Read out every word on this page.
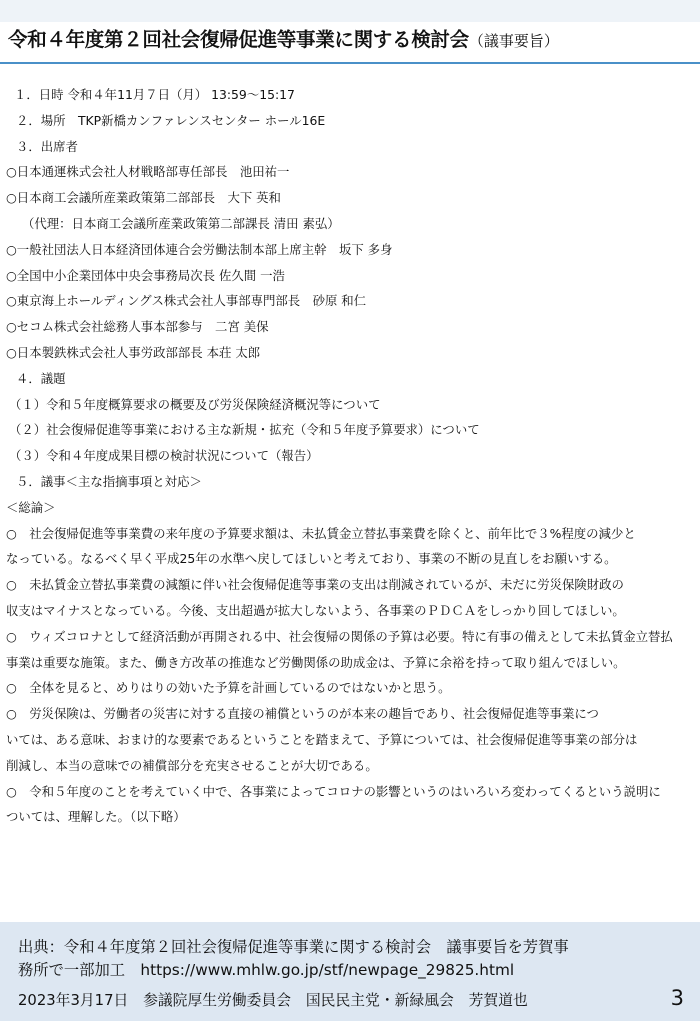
令和４年度第２回社会復帰促進等事業に関する検討会（議事要旨）
１．日時 令和４年11月７日（月） 13:59～15:17
２．場所　TKP新橋カンファレンスセンター ホール16E
３．出席者
○日本通運株式会社人材戦略部専任部長　池田祐一
○日本商工会議所産業政策第二部部長　大下 英和
（代理：日本商工会議所産業政策第二部課長 清田 素弘）
○一般社団法人日本経済団体連合会労働法制本部上席主幹　坂下 多身
○全国中小企業団体中央会事務局次長 佐久間 一浩
○東京海上ホールディングス株式会社人事部専門部長　砂原 和仁
○セコム株式会社総務人事本部参与　二宮 美保
○日本製鉄株式会社人事労政部部長 本荘 太郎
４．議題
（１）令和５年度概算要求の概要及び労災保険経済概況等について
（２）社会復帰促進等事業における主な新規・拡充（令和５年度予算要求）について
（３）令和４年度成果目標の検討状況について（報告）
５．議事＜主な指摘事項と対応＞
＜総論＞
○　社会復帰促進等事業費の来年度の予算要求額は、未払賃金立替払事業費を除くと、前年比で３%程度の減少と
なっている。なるべく早く平成25年の水準へ戻してほしいと考えており、事業の不断の見直しをお願いする。
○　未払賃金立替払事業費の減額に伴い社会復帰促進等事業の支出は削減されているが、未だに労災保険財政の
収支はマイナスとなっている。今後、支出超過が拡大しないよう、各事業のＰＤＣＡをしっかり回してほしい。
○　ウィズコロナとして経済活動が再開される中、社会復帰の関係の予算は必要。特に有事の備えとして未払賃金立替払
事業は重要な施策。また、働き方改革の推進など労働関係の助成金は、予算に余裕を持って取り組んでほしい。
○　全体を見ると、めりはりの効いた予算を計画しているのではないかと思う。
○　労災保険は、労働者の災害に対する直接の補償というのが本来の趣旨であり、社会復帰促進等事業につ
いては、ある意味、おまけ的な要素であるということを踏まえて、予算については、社会復帰促進等事業の部分は
削減し、本当の意味での補償部分を充実させることが大切である。
○　令和５年度のことを考えていく中で、各事業によってコロナの影響というのはいろいろ変わってくるという説明に
ついては、理解した。（以下略）
出典：令和４年度第２回社会復帰促進等事業に関する検討会　議事要旨を芳賀事
務所で一部加工　https://www.mhlw.go.jp/stf/newpage_29825.html
2023年3月17日　参議院厚生労働委員会　国民民主党・新緑風会　芳賀道也	3
